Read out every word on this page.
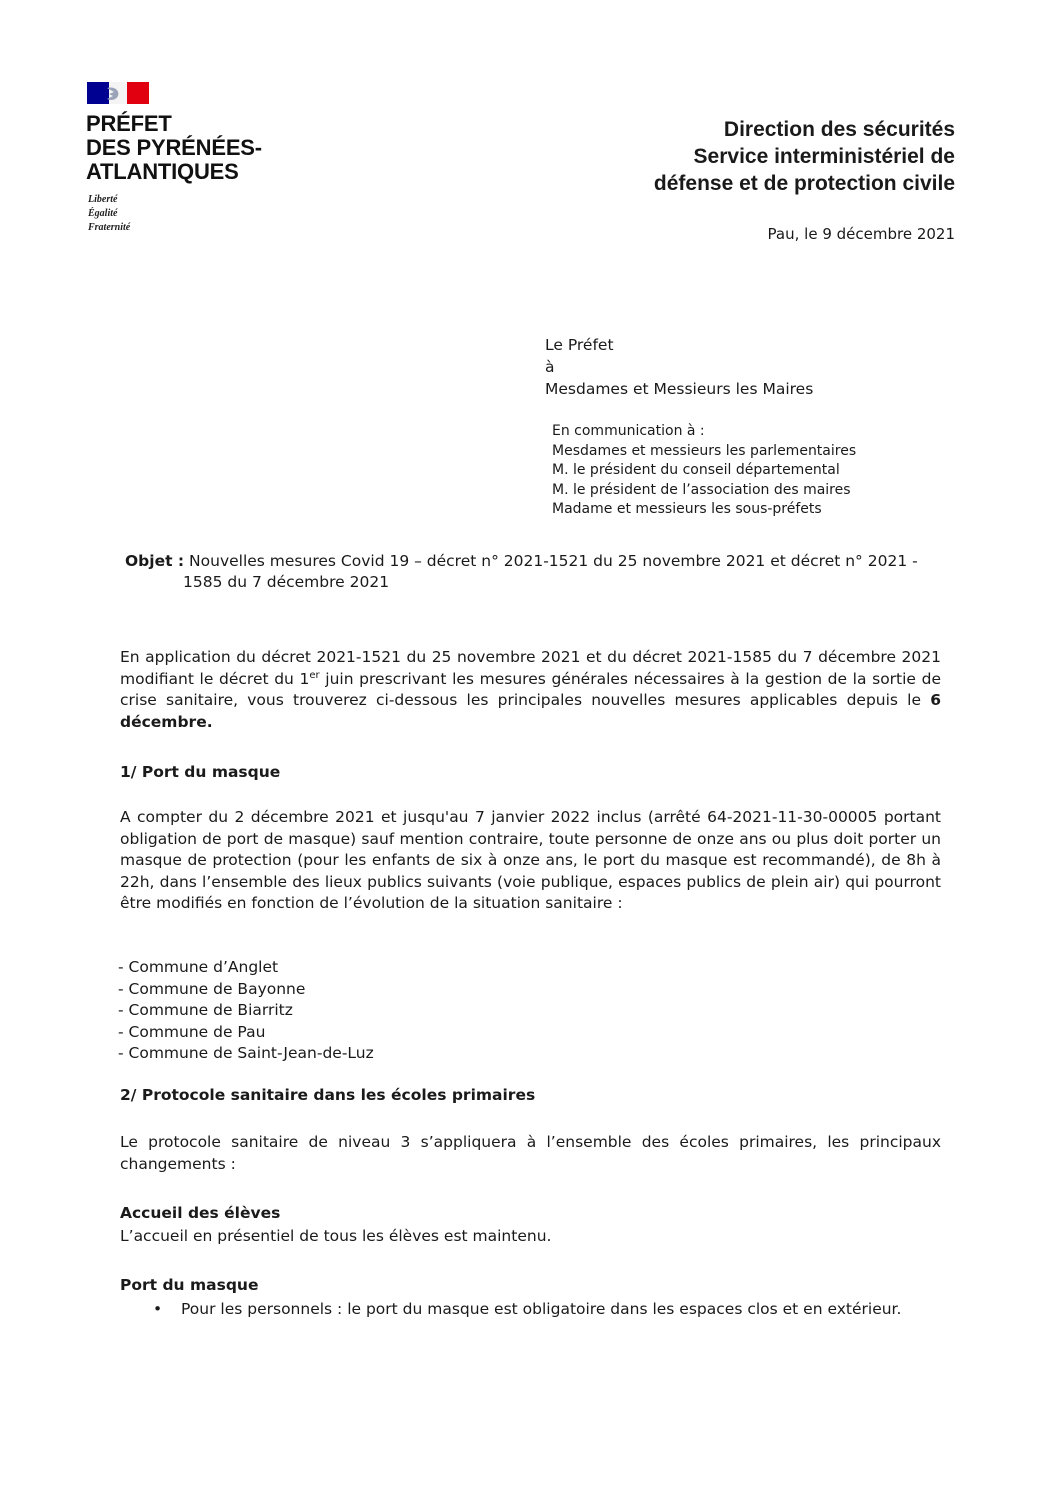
PRÉFET
DES PYRÉNÉES-
ATLANTIQUES
Liberté
Égalité
Fraternité
Direction des sécurités
Service interministériel de
défense et de protection civile
Pau, le 9 décembre 2021
Le Préfet
à
Mesdames et Messieurs les Maires
En communication à :
Mesdames et messieurs les parlementaires
M. le président du conseil départemental
M. le président de l’association des maires
Madame et messieurs les sous-préfets
Objet : Nouvelles mesures Covid 19 – décret n° 2021-1521 du 25 novembre 2021 et décret n° 2021 -
1585 du 7 décembre 2021
En application du décret 2021-1521 du 25 novembre 2021 et du décret 2021-1585 du 7 décembre 2021 modifiant le décret du 1er juin prescrivant les mesures générales nécessaires à la gestion de la sortie de crise sanitaire, vous trouverez ci-dessous les principales nouvelles mesures applicables depuis le 6 décembre.
1/ Port du masque
A compter du 2 décembre 2021 et jusqu'au 7 janvier 2022 inclus (arrêté 64-2021-11-30-00005 portant obligation de port de masque) sauf mention contraire, toute personne de onze ans ou plus doit porter un masque de protection (pour les enfants de six à onze ans, le port du masque est recommandé), de 8h à 22h, dans l’ensemble des lieux publics suivants (voie publique, espaces publics de plein air) qui pourront être modifiés en fonction de l’évolution de la situation sanitaire :
- Commune d’Anglet
- Commune de Bayonne
- Commune de Biarritz
- Commune de Pau
- Commune de Saint-Jean-de-Luz
2/ Protocole sanitaire dans les écoles primaires
Le protocole sanitaire de niveau 3 s’appliquera à l’ensemble des écoles primaires, les principaux changements :
Accueil des élèves
L’accueil en présentiel de tous les élèves est maintenu.
Port du masque
• Pour les personnels : le port du masque est obligatoire dans les espaces clos et en extérieur.
